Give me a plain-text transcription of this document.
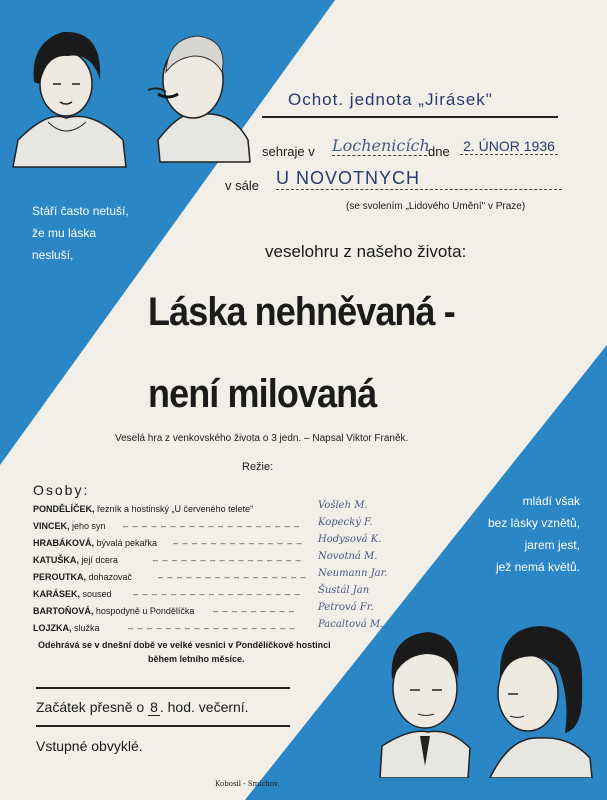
Ochot. jednota „Jirásek"
sehraje v Lochenicích
dne 2. ÚNOR 1936
v sále U NOVOTNYCH
(se svolením „Lidového Umění" v Praze)
Stáří často netuší,
že mu láska
nesluší,	veselohru z našeho života:
Láska nehněvaná -
není milovaná
Veselá hra z venkovského života o 3 jedn. – Napsal Viktor Franěk.
Režie:
mládí však
bez lásky vznětů,
jarem jest,
jež nemá květů.
Osoby:
PONDĚLÍČEK, řezník a hostinský „U červeného telete"	Vošleh M.
VINCEK, jeho syn – – – – – – – – – – – – – – – – – – – Kopecký F.
HRABÁKOVÁ, bývalá pekařka – – – – – – – – – – – – – – Hodysová K.
KATUŠKA, její dcera	– – – – – – – – – – – – – – – – Novotná M.
PEROUTKA, dohazovač	– – – – – – – – – – – – – – – – Neumann Jar.
KARÁSEK, soused – – – – – – – – – – – – – – – – – – Šustál Jan
BARTOŇOVÁ, hospodyně u Pondělíčka – – – – – – – – – Petrová Fr.
LOJZKA, služka	– – – – – – – – – – – – – – – – – – Pacaltová M.
Odehrává se v dnešní době ve velké vesnici v Pondělíčkově hostinci
během letního měsíce.
Začátek přesně o 8 . hod. večerní.
Vstupné obvyklé.
Kobosil - Smíchov.
